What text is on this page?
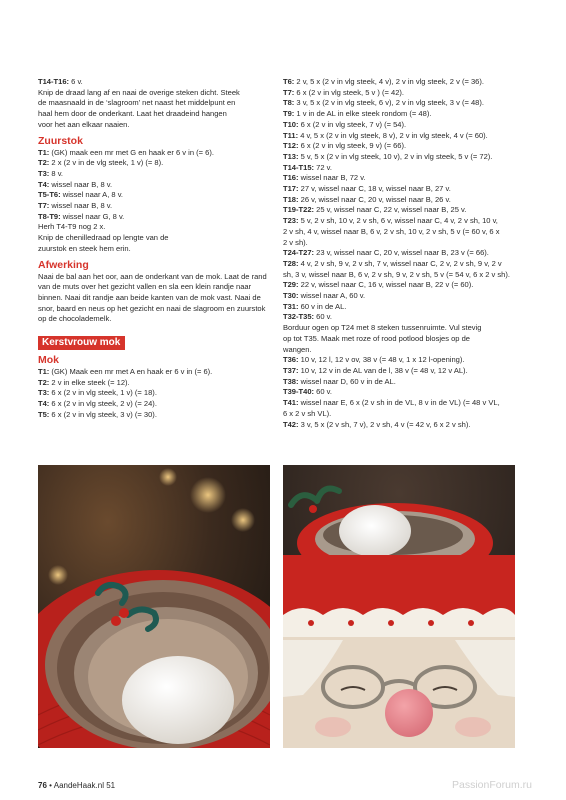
T14-T16: 6 v.

Knip de draad lang af en naai de overige steken dicht. Steek

de maasnaald in de ‘slagroom’ net naast het middelpunt en

haal hem door de onderkant. Laat het draadeind hangen

voor het aan elkaar naaien.

Zuurstok

T1: (GK) maak een mr met G en haak er 6 v in (= 6).

T2: 2 x (2 v in de vlg steek, 1 v) (= 8).

T3: 8 v.

T4: wissel naar B, 8 v.

T5-T6: wissel naar A, 8 v.

T7: wissel naar B, 8 v.

T8-T9: wissel naar G, 8 v.

Herh T4-T9 nog 2 x.

Knip de chenilledraad op lengte van de

zuurstok en steek hem erin.

Afwerking

Naai de bal aan het oor, aan de onderkant van de mok. Laat de rand van de muts over het gezicht vallen en sla een klein randje naar binnen. Naai dit randje aan beide kanten van de mok vast. Naai de snor, baard en neus op het gezicht en naai de slagroom en zuurstok op de chocolademelk.

Kerstvrouw mok

Mok

T1: (GK) Maak een mr met A en haak er 6 v in (= 6).

T2: 2 v in elke steek (= 12).

T3: 6 x (2 v in vlg steek, 1 v) (= 18).

T4: 6 x (2 v in vlg steek, 2 v) (= 24).

T5: 6 x (2 v in vlg steek, 3 v) (= 30).

T6: 2 v, 5 x (2 v in vlg steek, 4 v), 2 v in vlg steek, 2 v (= 36).

T7: 6 x (2 v in vlg steek, 5 v ) (= 42).

T8: 3 v, 5 x (2 v in vlg steek, 6 v), 2 v in vlg steek, 3 v (= 48).

T9: 1 v in de AL in elke steek rondom (= 48).

T10: 6 x (2 v in vlg steek, 7 v) (= 54).

T11: 4 v, 5 x (2 v in vlg steek, 8 v), 2 v in vlg steek, 4 v (= 60).

T12: 6 x (2 v in vlg steek, 9 v) (= 66).

T13: 5 v, 5 x (2 v in vlg steek, 10 v), 2 v in vlg steek, 5 v (= 72).

T14-T15: 72 v.

T16: wissel naar B, 72 v.

T17: 27 v, wissel naar C, 18 v, wissel naar B, 27 v.

T18: 26 v, wissel naar C, 20 v, wissel naar B, 26 v.

T19-T22: 25 v, wissel naar C, 22 v, wissel naar B, 25 v.

T23: 5 v, 2 v sh, 10 v, 2 v sh, 6 v, wissel naar C, 4 v, 2 v sh, 10 v,

2 v sh, 4 v, wissel naar B, 6 v, 2 v sh, 10 v, 2 v sh, 5 v (= 60 v, 6 x

2 v sh).

T24-T27: 23 v, wissel naar C, 20 v, wissel naar B, 23 v (= 66).

T28: 4 v, 2 v sh, 9 v, 2 v sh, 7 v, wissel naar C, 2 v, 2 v sh, 9 v, 2 v

sh, 3 v, wissel naar B, 6 v, 2 v sh, 9 v, 2 v sh, 5 v (= 54 v, 6 x 2 v sh).

T29: 22 v, wissel naar C, 16 v, wissel naar B, 22 v (= 60).

T30: wissel naar A, 60 v.

T31: 60 v in de AL.

T32-T35: 60 v.

Borduur ogen op T24 met 8 steken tussenruimte. Vul stevig

op tot T35. Maak met roze of rood potlood blosjes op de

wangen.

T36: 10 v, 12 l, 12 v ov, 38 v (= 48 v, 1 x 12 l-opening).

T37: 10 v, 12 v in de AL van de l, 38 v (= 48 v, 12 v AL).

T38: wissel naar D, 60 v in de AL.

T39-T40: 60 v.

T41: wissel naar E, 6 x (2 v sh in de VL, 8 v in de VL) (= 48 v VL,

6 x 2 v sh VL).

T42: 3 v, 5 x (2 v sh, 7 v), 2 v sh, 4 v (= 42 v, 6 x 2 v sh).

76 • AandeHaak.nl 51	PassionForum.ru
